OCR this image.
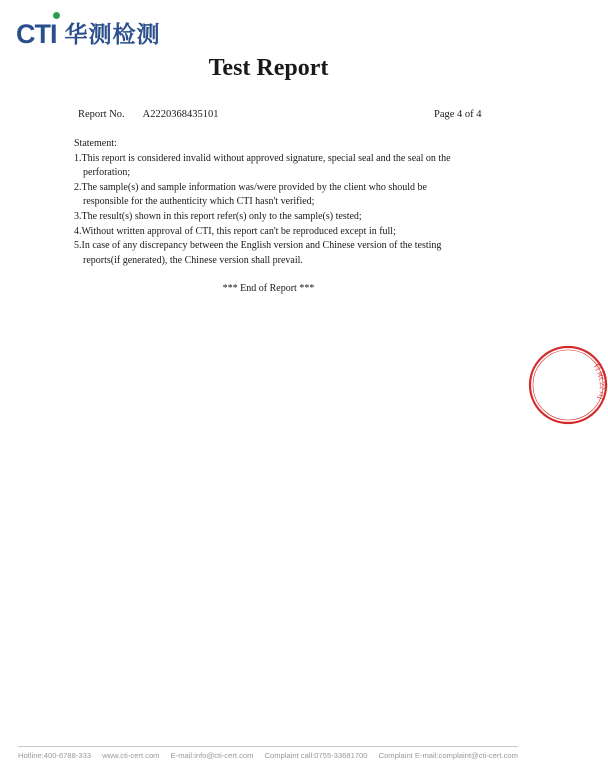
CTI 华测检测
Test Report
Report No. A2220368435101	Page 4 of 4

Statement:

1.This report is considered invalid without approved signature, special seal and the seal on the perforation;

2.The sample(s) and sample information was/were provided by the client who should be responsible for the authenticity which CTI hasn't verified;

3.The result(s) shown in this report refer(s) only to the sample(s) tested;

4.Without written approval of CTI, this report can't be reproduced except in full;

5.In case of any discrepancy between the English version and Chinese version of the testing reports(if generated), the Chinese version shall prevail.

*** End of Report ***
有限公司
Hotline:400-6788-333 www.cti-cert.com E-mail:info@cti-cert.com Complaint call:0755-33681700 Complaint E-mail:complaint@cti-cert.com
